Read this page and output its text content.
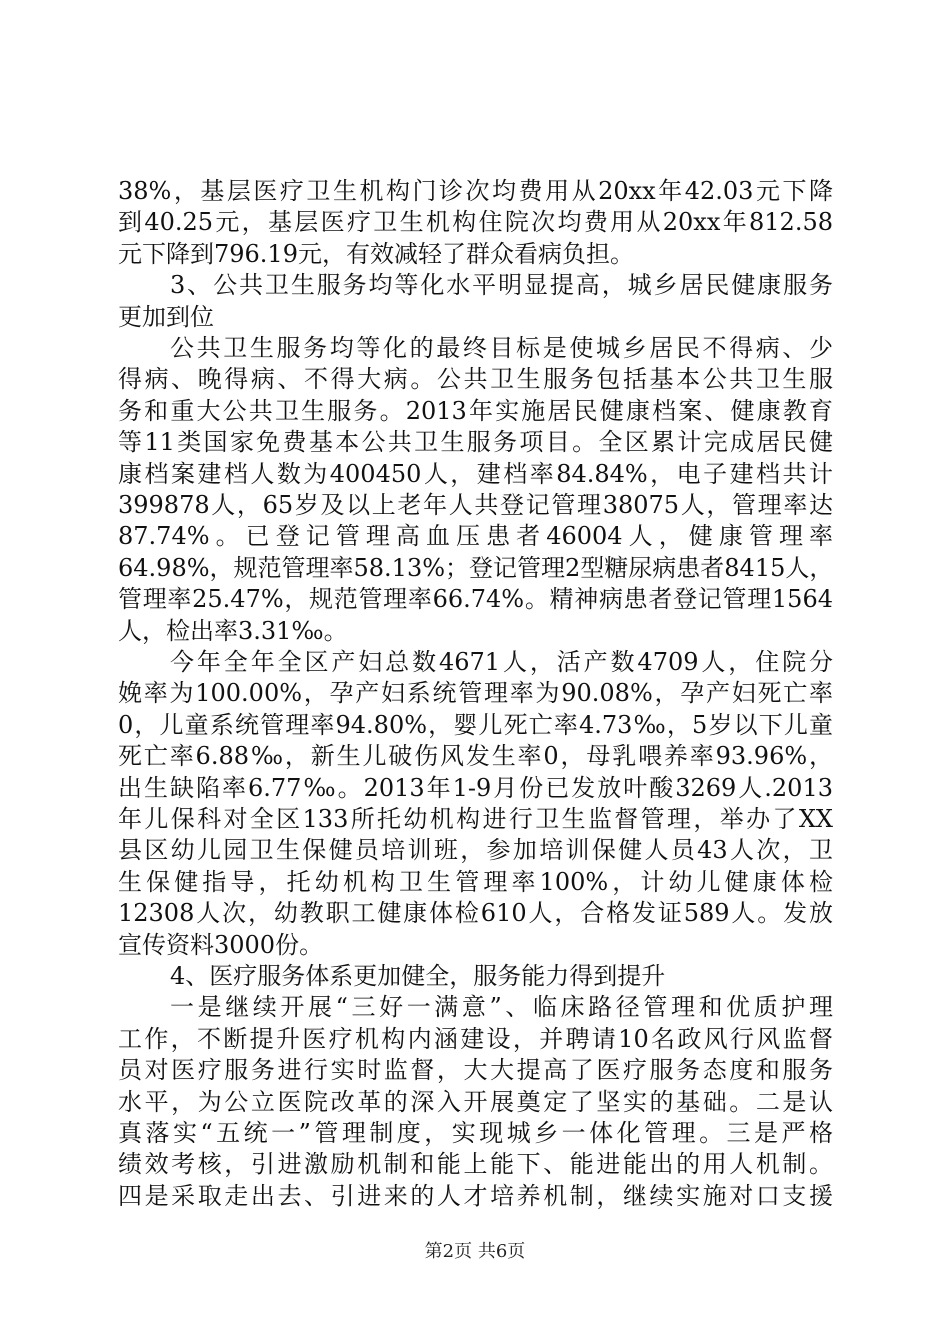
38%，基层医疗卫生机构门诊次均费用从20xx年42.03元下降
到40.25元，基层医疗卫生机构住院次均费用从20xx年812.58
元下降到796.19元，有效减轻了群众看病负担。
3、公共卫生服务均等化水平明显提高，城乡居民健康服务
更加到位
公共卫生服务均等化的最终目标是使城乡居民不得病、少
得病、晚得病、不得大病。公共卫生服务包括基本公共卫生服
务和重大公共卫生服务。2013年实施居民健康档案、健康教育
等11类国家免费基本公共卫生服务项目。全区累计完成居民健
康档案建档人数为400450人，建档率84.84%，电子建档共计
399878人，65岁及以上老年人共登记管理38075人，管理率达
87.74%。已登记管理高血压患者46004人，健康管理率
64.98%，规范管理率58.13%；登记管理2型糖尿病患者8415人，
管理率25.47%，规范管理率66.74%。精神病患者登记管理1564
人，检出率3.31‰。
今年全年全区产妇总数4671人，活产数4709人，住院分
娩率为100.00%，孕产妇系统管理率为90.08%，孕产妇死亡率
0，儿童系统管理率94.80%，婴儿死亡率4.73‰，5岁以下儿童
死亡率6.88‰，新生儿破伤风发生率0，母乳喂养率93.96%，
出生缺陷率6.77‰。2013年1-9月份已发放叶酸3269人.2013
年儿保科对全区133所托幼机构进行卫生监督管理，举办了XX
县区幼儿园卫生保健员培训班，参加培训保健人员43人次，卫
生保健指导，托幼机构卫生管理率100%，计幼儿健康体检
12308人次，幼教职工健康体检610人，合格发证589人。发放
宣传资料3000份。
4、医疗服务体系更加健全，服务能力得到提升
一是继续开展“三好一满意”、临床路径管理和优质护理
工作，不断提升医疗机构内涵建设，并聘请10名政风行风监督
员对医疗服务进行实时监督，大大提高了医疗服务态度和服务
水平，为公立医院改革的深入开展奠定了坚实的基础。二是认
真落实“五统一”管理制度，实现城乡一体化管理。三是严格
绩效考核，引进激励机制和能上能下、能进能出的用人机制。
四是采取走出去、引进来的人才培养机制，继续实施对口支援
第2页 共6页
